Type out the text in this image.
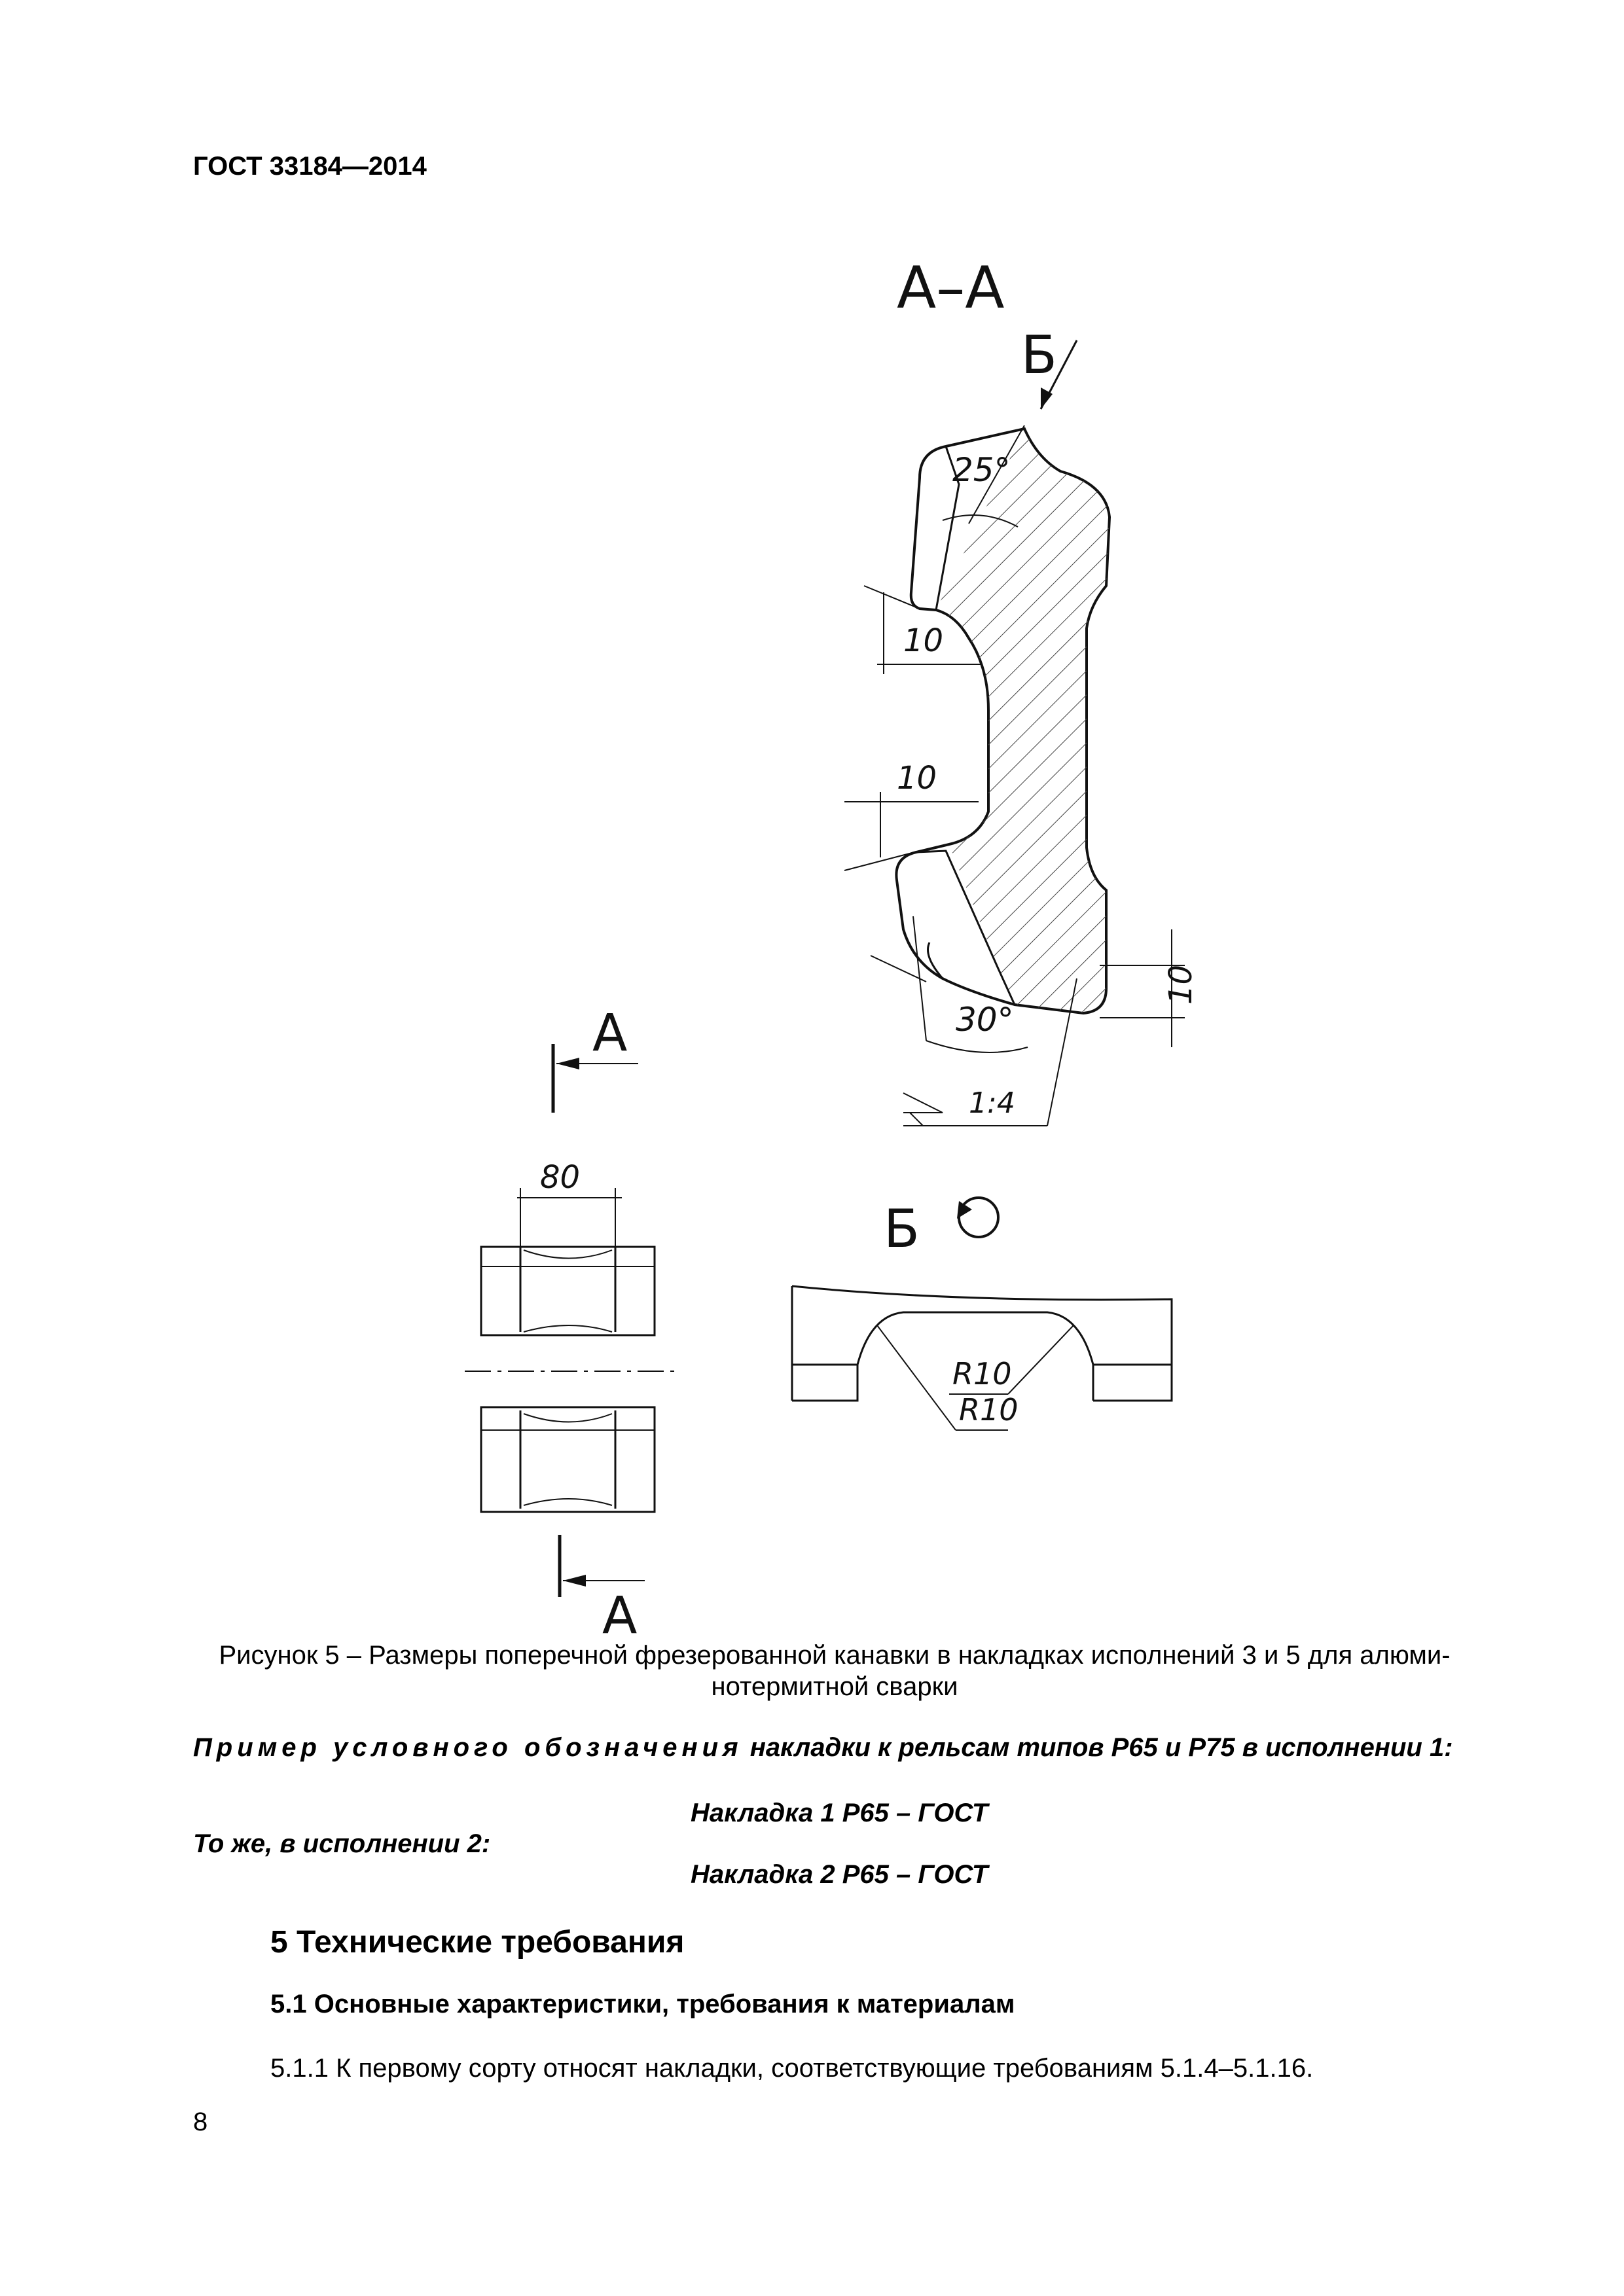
ГОСТ 33184—2014
А–А
Б
25°
10
10
30°
10
1:4
А
80
А
Б
R10
R10
Рисунок 5 – Размеры поперечной фрезерованной канавки в накладках исполнений 3 и 5 для алюми-
нотермитной сварки
Пример условного обозначения накладки к рельсам типов Р65 и Р75 в исполнении 1:
Накладка 1 Р65 – ГОСТ
То же, в исполнении 2:
Накладка 2 Р65 – ГОСТ
5 Технические требования
5.1 Основные характеристики, требования к материалам
5.1.1 К первому сорту относят накладки, соответствующие требованиям 5.1.4–5.1.16.
8
